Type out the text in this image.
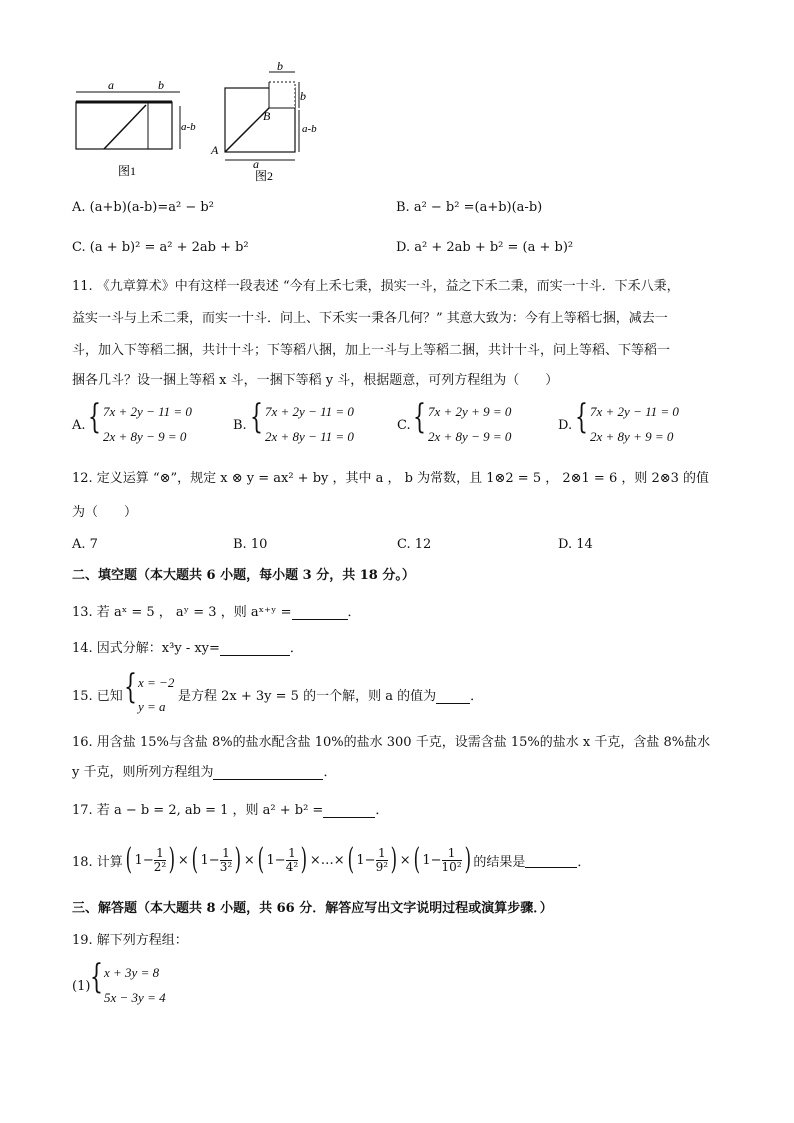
a	b
a-b
图1
b
b
B
a-b
A
a
图2
A. (a+b)(a-b)=a² − b²	B. a² − b² =(a+b)(a-b)
C. (a + b)² = a² + 2ab + b²	D. a² + 2ab + b² = (a + b)²
11. 《九章算术》中有这样一段表述 “今有上禾七秉，损实一斗，益之下禾二秉，而实一十斗．下禾八秉，
益实一斗与上禾二秉，而实一十斗．问上、下禾实一秉各几何？” 其意大致为：今有上等稻七捆，减去一
斗，加入下等稻二捆，共计十斗；下等稻八捆，加上一斗与上等稻二捆，共计十斗，问上等稻、下等稻一
捆各几斗？设一捆上等稻 x 斗，一捆下等稻 y 斗，根据题意，可列方程组为（　　）
A. { 7x + 2y − 11 = 0
2x + 8y − 9 = 0
B. { 7x + 2y − 11 = 0
2x + 8y − 11 = 0
C. { 7x + 2y + 9 = 0
2x + 8y − 9 = 0
D. { 7x + 2y − 11 = 0
2x + 8y + 9 = 0
12. 定义运算 “⊗”，规定 x ⊗ y = ax² + by ，其中 a ， b 为常数，且 1⊗2 = 5 ， 2⊗1 = 6 ，则 2⊗3 的值
为（　　）
A. 7	B. 10	C. 12	D. 14
二、填空题（本大题共 6 小题，每小题 3 分，共 18 分。）
13. 若 aˣ = 5 ， aʸ = 3 ，则 aˣ⁺ʸ =	．
14. 因式分解：x³y - xy=	．
15. 已知 { x = −2
y = a
是方程 2x + 3y = 5 的一个解，则 a 的值为	．
16. 用含盐 15%与含盐 8%的盐水配含盐 10%的盐水 300 千克，设需含盐 15%的盐水 x 千克，含盐 8%盐水
y 千克，则所列方程组为	．
17. 若 a − b = 2, ab = 1 ，则 a² + b² =	．
18. 计算 ( $1 - \frac{1}{\text{2²}}$ ) × ( $1 - \frac{1}{\text{3²}}$ ) × ( $1 - \frac{1}{\text{4²}}$ ) ×…× ( $1 - \frac{1}{\text{9²}}$ ) × ( $1 - \frac{1}{\text{10²}}$ ) 的结果是
	．
三、解答题（本大题共 8 小题，共 66 分．解答应写出文字说明过程或演算步骤．）
19. 解下列方程组：
(1) { x + 3y = 8
5x − 3y = 4
